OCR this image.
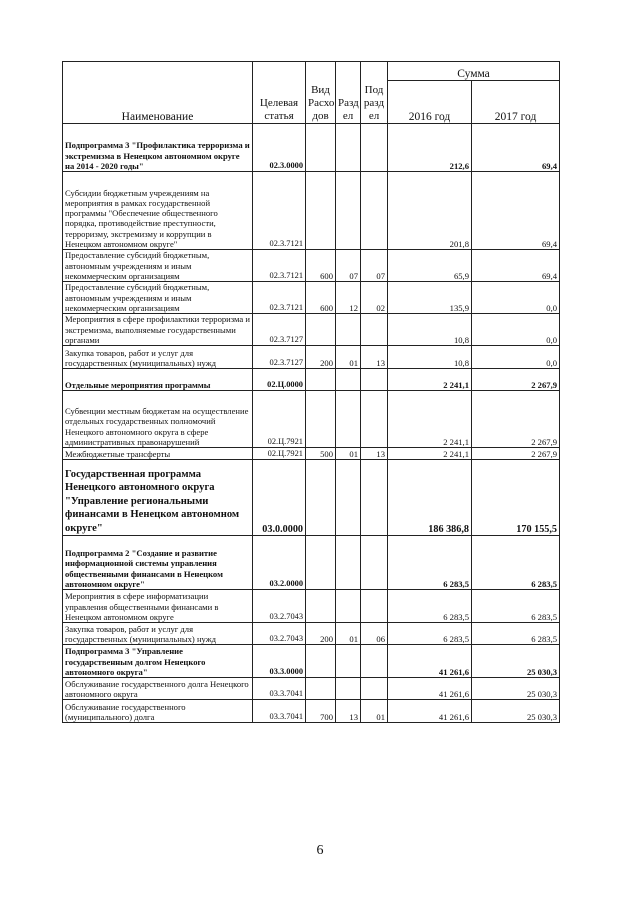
Наименование	Целевая статья	Вид Расхо дов	Разд ел	Под разд ел	Сумма	
					2016 год	2017 год
Подпрограмма 3 "Профилактика терроризма и экстремизма в Ненецком автономном округе на 2014 - 2020 годы"	02.3.0000				212,6	69,4
Субсидии бюджетным учреждениям на мероприятия в рамках государственной программы "Обеспечение общественного порядка, противодействие преступности, терроризму, экстремизму и коррупции в Ненецком автономном округе"	02.3.7121				201,8	69,4
Предоставление субсидий бюджетным, автономным учреждениям и иным некоммерческим организациям	02.3.7121	600	07	07	65,9	69,4
Предоставление субсидий бюджетным, автономным учреждениям и иным некоммерческим организациям	02.3.7121	600	12	02	135,9	0,0
Мероприятия в сфере профилактики терроризма и экстремизма, выполняемые государственными органами	02.3.7127				10,8	0,0
Закупка товаров, работ и услуг для государственных (муниципальных) нужд	02.3.7127	200	01	13	10,8	0,0
Отдельные мероприятия программы	02.Ц.0000				2 241,1	2 267,9
Субвенции местным бюджетам на осуществление отдельных государственных полномочий Ненецкого автономного округа в сфере административных правонарушений	02.Ц.7921				2 241,1	2 267,9
Межбюджетные трансферты	02.Ц.7921	500	01	13	2 241,1	2 267,9
Государственная программа Ненецкого автономного округа "Управление региональными финансами в Ненецком автономном округе"	03.0.0000				186 386,8	170 155,5
Подпрограмма 2 "Создание и развитие информационной системы управления общественными финансами в Ненецком автономном округе"	03.2.0000				6 283,5	6 283,5
Мероприятия в сфере информатизации управления общественными финансами в Ненецком автономном округе	03.2.7043				6 283,5	6 283,5
Закупка товаров, работ и услуг для государственных (муниципальных) нужд	03.2.7043	200	01	06	6 283,5	6 283,5
Подпрограмма 3 "Управление государственным долгом Ненецкого автономного округа"	03.3.0000				41 261,6	25 030,3
Обслуживание государственного долга Ненецкого автономного округа	03.3.7041				41 261,6	25 030,3
Обслуживание государственного (муниципального) долга	03.3.7041	700	13	01	41 261,6	25 030,3
6
